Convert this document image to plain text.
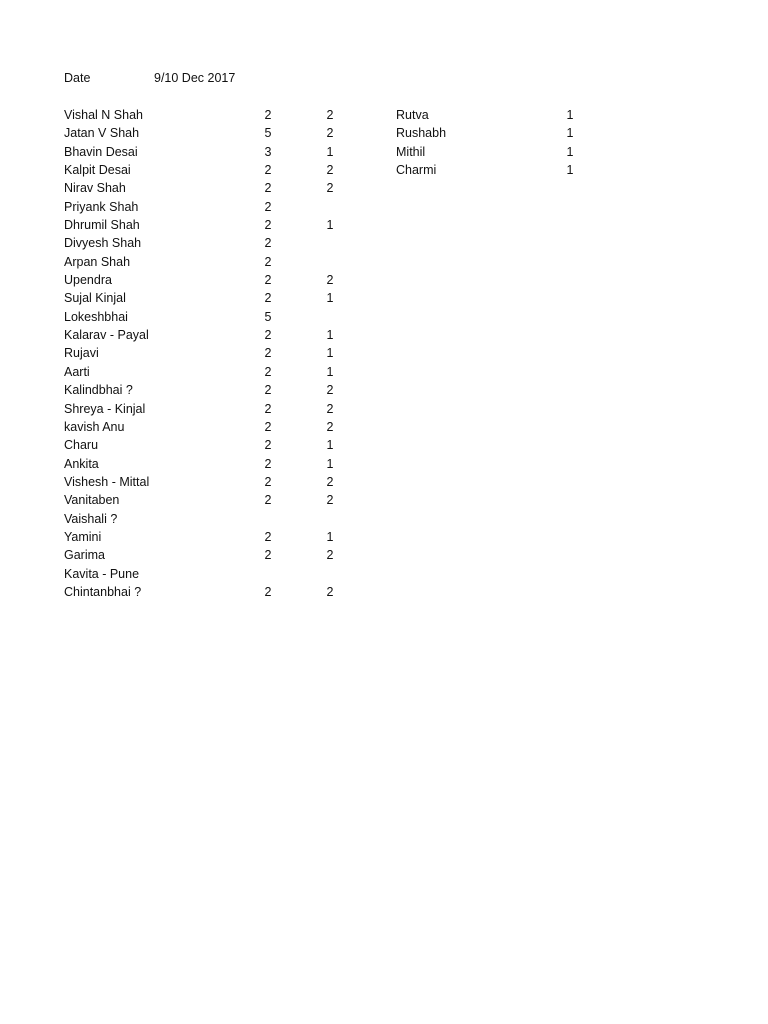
Date	9/10 Dec 2017
Vishal N Shah	2	2
Jatan V Shah	5	2
Bhavin Desai	3	1
Kalpit Desai	2	2
Nirav Shah	2	2
Priyank Shah	2
Dhrumil Shah	2	1
Divyesh Shah	2
Arpan Shah	2
Upendra	2	2
Sujal Kinjal	2	1
Lokeshbhai	5
Kalarav - Payal	2	1
Rujavi	2	1
Aarti	2	1
Kalindbhai ?	2	2
Shreya - Kinjal	2	2
kavish Anu	2	2
Charu	2	1
Ankita	2	1
Vishesh - Mittal	2	2
Vanitaben	2	2
Vaishali ?
Yamini	2	1
Garima	2	2
Kavita - Pune
Chintanbhai ?	2	2
Rutva	1
Rushabh	1
Mithil	1
Charmi	1
